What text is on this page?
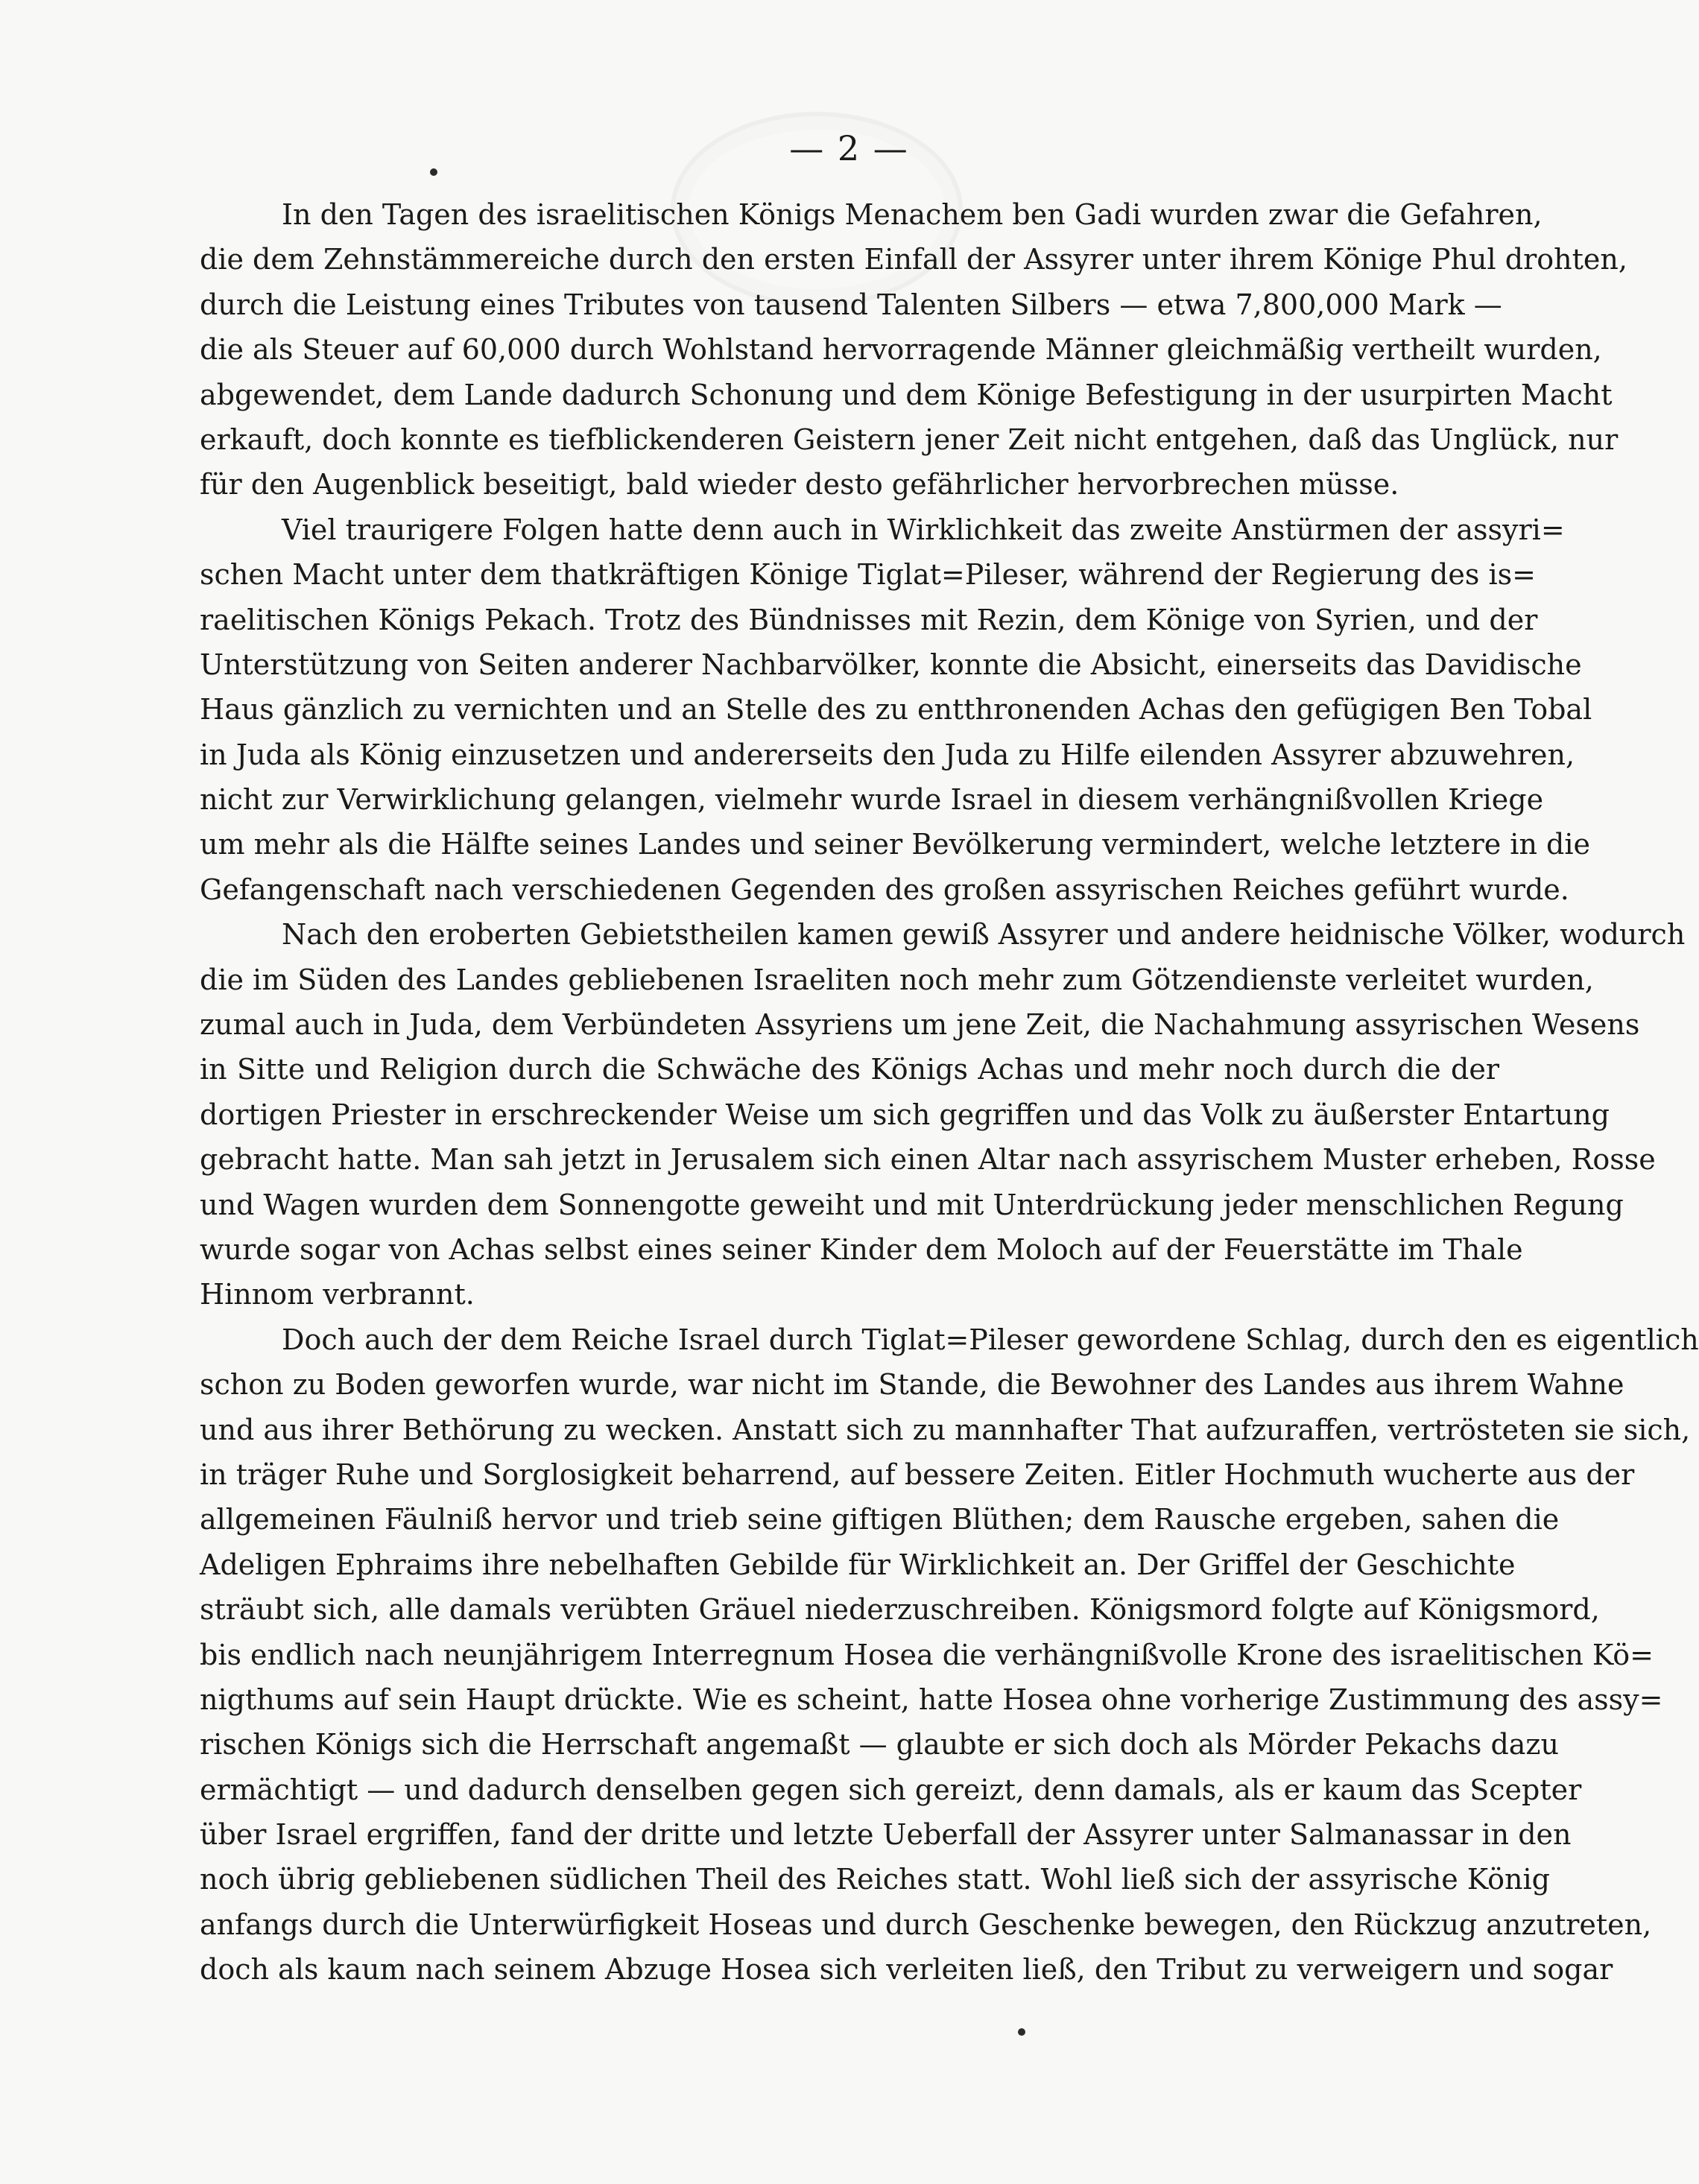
— 2 —
In den Tagen des israelitischen Königs Menachem ben Gadi wurden zwar die Gefahren,
die dem Zehnstämmereiche durch den ersten Einfall der Assyrer unter ihrem Könige Phul drohten,
durch die Leistung eines Tributes von tausend Talenten Silbers — etwa 7,800,000 Mark —
die als Steuer auf 60,000 durch Wohlstand hervorragende Männer gleichmäßig vertheilt wurden,
abgewendet, dem Lande dadurch Schonung und dem Könige Befestigung in der usurpirten Macht
erkauft, doch konnte es tiefblickenderen Geistern jener Zeit nicht entgehen, daß das Unglück, nur
für den Augenblick beseitigt, bald wieder desto gefährlicher hervorbrechen müsse.
Viel traurigere Folgen hatte denn auch in Wirklichkeit das zweite Anstürmen der assyri=
schen Macht unter dem thatkräftigen Könige Tiglat=Pileser, während der Regierung des is=
raelitischen Königs Pekach. Trotz des Bündnisses mit Rezin, dem Könige von Syrien, und der
Unterstützung von Seiten anderer Nachbarvölker, konnte die Absicht, einerseits das Davidische
Haus gänzlich zu vernichten und an Stelle des zu entthronenden Achas den gefügigen Ben Tobal
in Juda als König einzusetzen und andererseits den Juda zu Hilfe eilenden Assyrer abzuwehren,
nicht zur Verwirklichung gelangen, vielmehr wurde Israel in diesem verhängnißvollen Kriege
um mehr als die Hälfte seines Landes und seiner Bevölkerung vermindert, welche letztere in die
Gefangenschaft nach verschiedenen Gegenden des großen assyrischen Reiches geführt wurde.
Nach den eroberten Gebietstheilen kamen gewiß Assyrer und andere heidnische Völker, wodurch
die im Süden des Landes gebliebenen Israeliten noch mehr zum Götzendienste verleitet wurden,
zumal auch in Juda, dem Verbündeten Assyriens um jene Zeit, die Nachahmung assyrischen Wesens
in Sitte und Religion durch die Schwäche des Königs Achas und mehr noch durch die der
dortigen Priester in erschreckender Weise um sich gegriffen und das Volk zu äußerster Entartung
gebracht hatte. Man sah jetzt in Jerusalem sich einen Altar nach assyrischem Muster erheben, Rosse
und Wagen wurden dem Sonnengotte geweiht und mit Unterdrückung jeder menschlichen Regung
wurde sogar von Achas selbst eines seiner Kinder dem Moloch auf der Feuerstätte im Thale
Hinnom verbrannt.
Doch auch der dem Reiche Israel durch Tiglat=Pileser gewordene Schlag, durch den es eigentlich
schon zu Boden geworfen wurde, war nicht im Stande, die Bewohner des Landes aus ihrem Wahne
und aus ihrer Bethörung zu wecken. Anstatt sich zu mannhafter That aufzuraffen, vertrösteten sie sich,
in träger Ruhe und Sorglosigkeit beharrend, auf bessere Zeiten. Eitler Hochmuth wucherte aus der
allgemeinen Fäulniß hervor und trieb seine giftigen Blüthen; dem Rausche ergeben, sahen die
Adeligen Ephraims ihre nebelhaften Gebilde für Wirklichkeit an. Der Griffel der Geschichte
sträubt sich, alle damals verübten Gräuel niederzuschreiben. Königsmord folgte auf Königsmord,
bis endlich nach neunjährigem Interregnum Hosea die verhängnißvolle Krone des israelitischen Kö=
nigthums auf sein Haupt drückte. Wie es scheint, hatte Hosea ohne vorherige Zustimmung des assy=
rischen Königs sich die Herrschaft angemaßt — glaubte er sich doch als Mörder Pekachs dazu
ermächtigt — und dadurch denselben gegen sich gereizt, denn damals, als er kaum das Scepter
über Israel ergriffen, fand der dritte und letzte Ueberfall der Assyrer unter Salmanassar in den
noch übrig gebliebenen südlichen Theil des Reiches statt. Wohl ließ sich der assyrische König
anfangs durch die Unterwürfigkeit Hoseas und durch Geschenke bewegen, den Rückzug anzutreten,
doch als kaum nach seinem Abzuge Hosea sich verleiten ließ, den Tribut zu verweigern und sogar
